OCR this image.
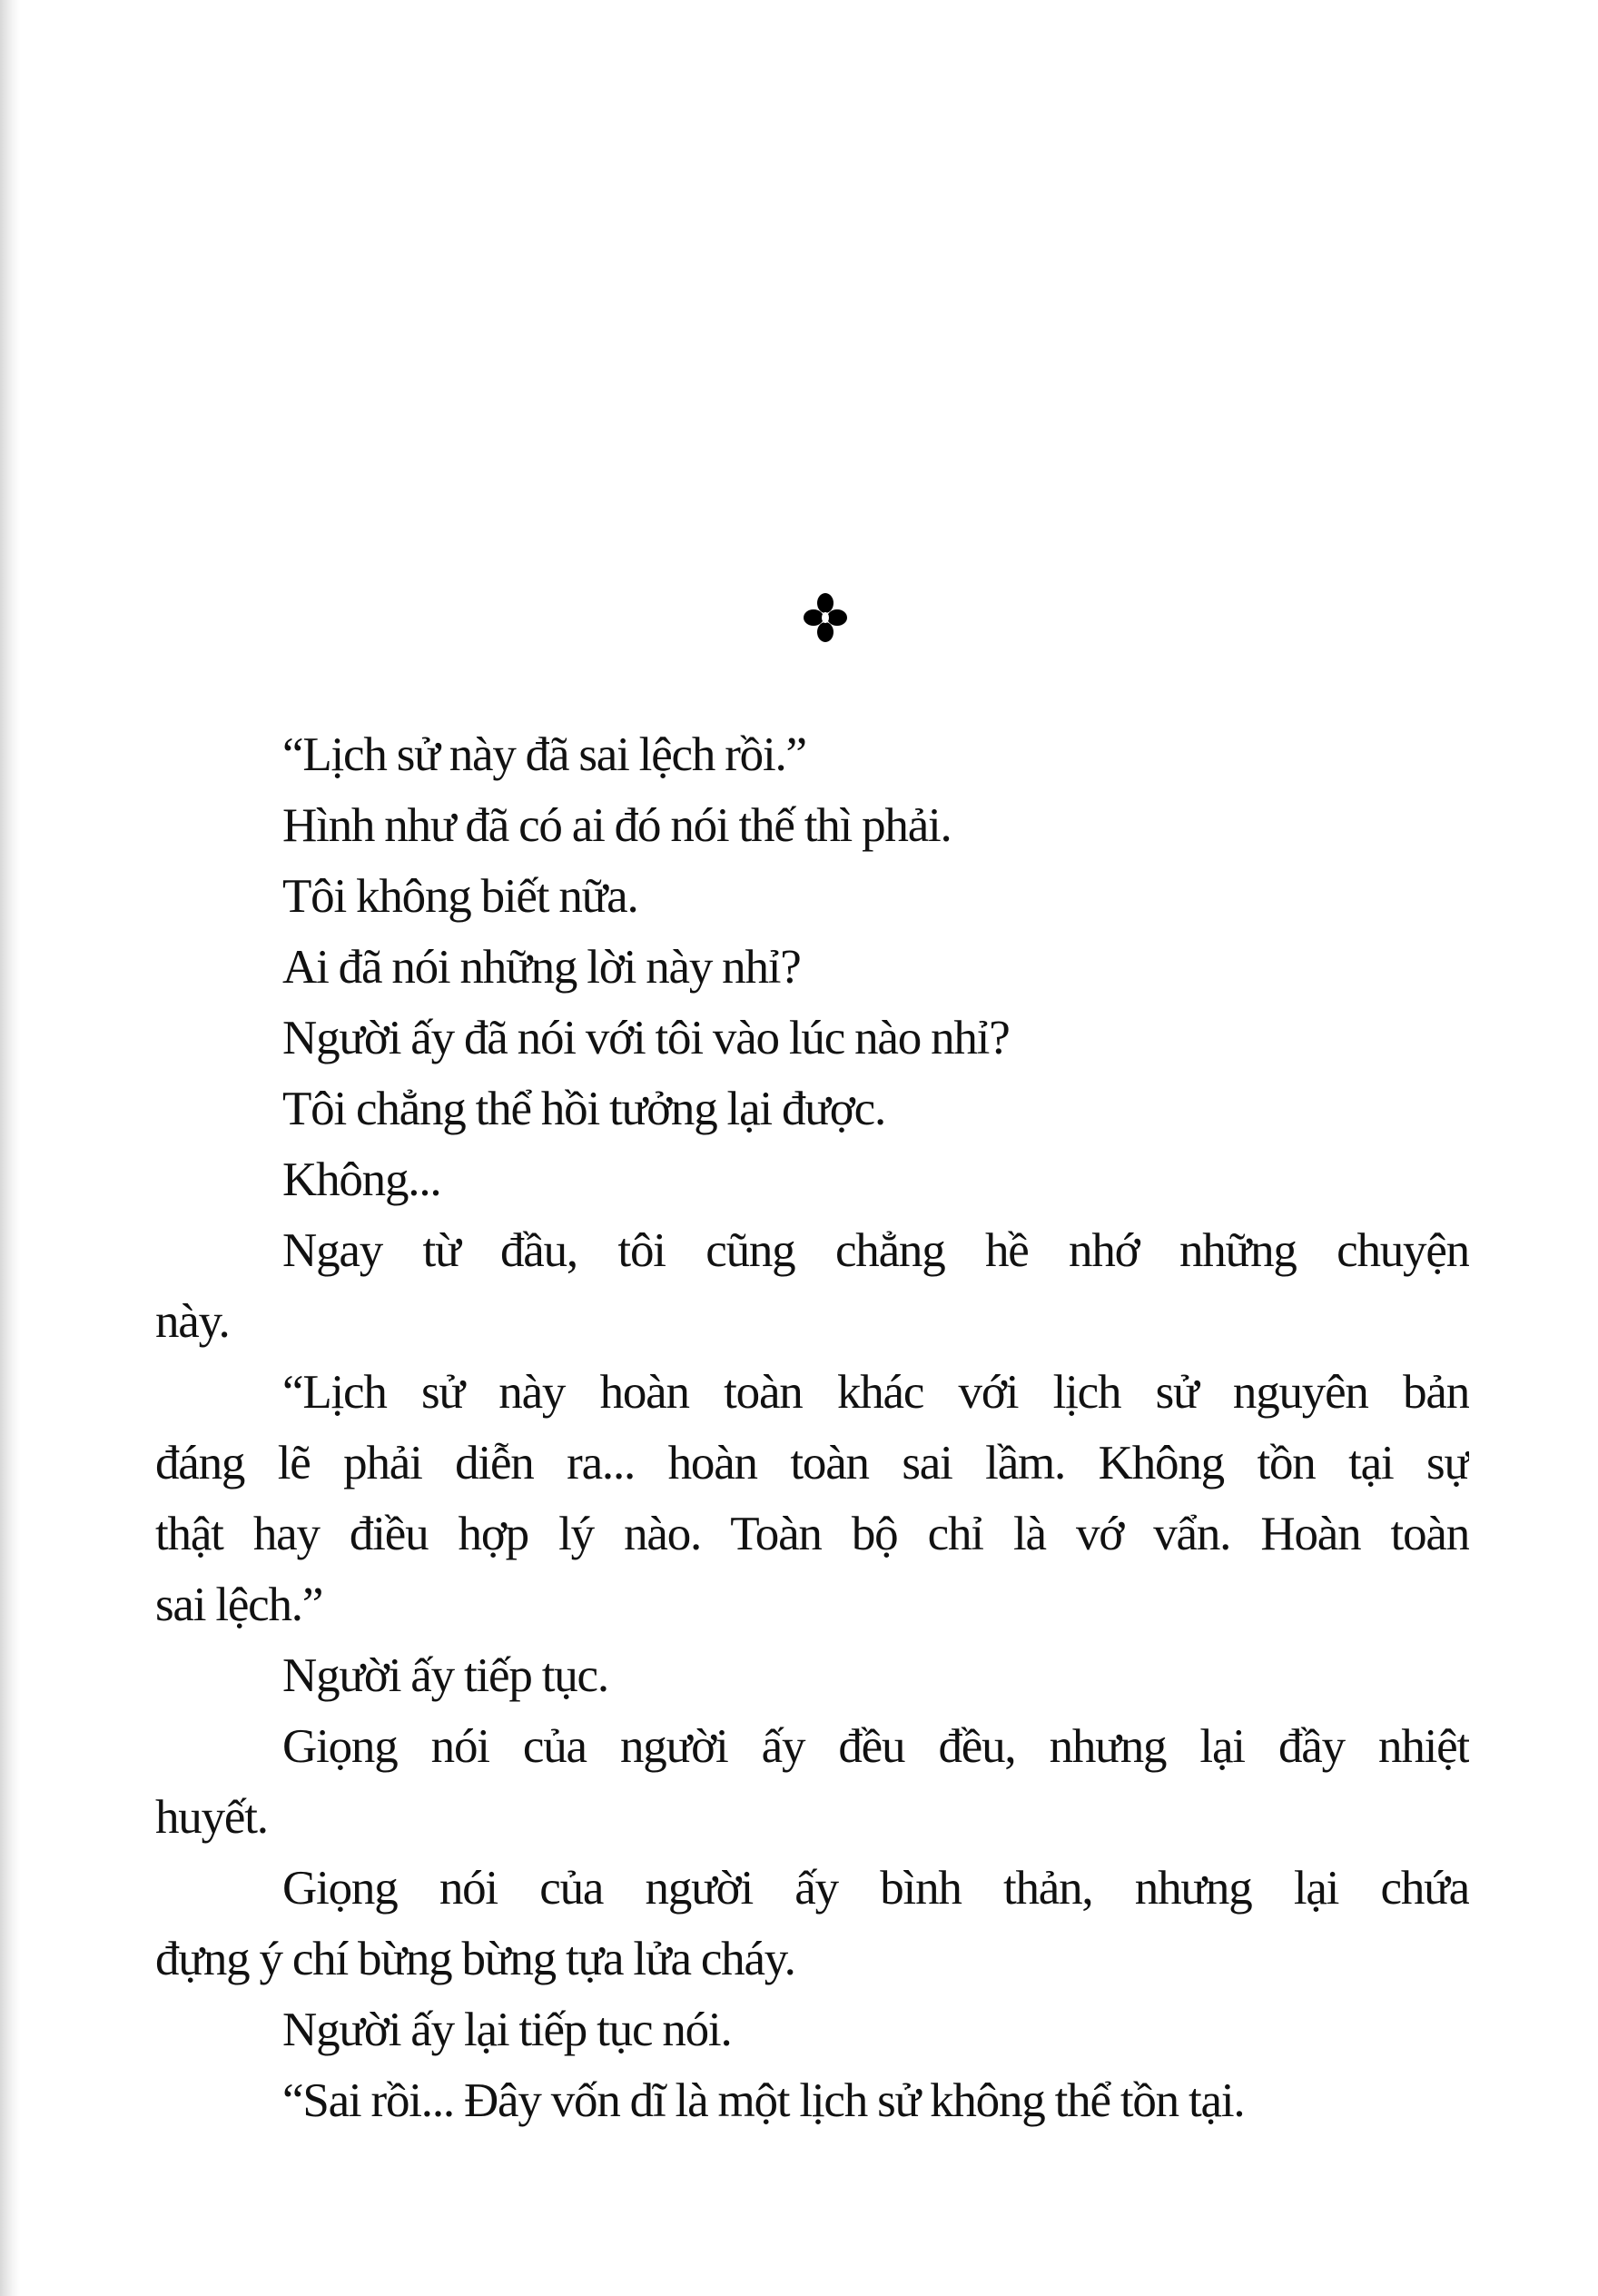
“Lịch sử này đã sai lệch rồi.”
Hình như đã có ai đó nói thế thì phải.
Tôi không biết nữa.
Ai đã nói những lời này nhỉ?
Người ấy đã nói với tôi vào lúc nào nhỉ?
Tôi chẳng thể hồi tưởng lại được.
Không...
Ngay từ đầu, tôi cũng chẳng hề nhớ những chuyện
này.
“Lịch sử này hoàn toàn khác với lịch sử nguyên bản
đáng lẽ phải diễn ra... hoàn toàn sai lầm. Không tồn tại sự
thật hay điều hợp lý nào. Toàn bộ chỉ là vớ vẩn. Hoàn toàn
sai lệch.”
Người ấy tiếp tục.
Giọng nói của người ấy đều đều, nhưng lại đầy nhiệt
huyết.
Giọng nói của người ấy bình thản, nhưng lại chứa
đựng ý chí bừng bừng tựa lửa cháy.
Người ấy lại tiếp tục nói.
“Sai rồi... Đây vốn dĩ là một lịch sử không thể tồn tại.
